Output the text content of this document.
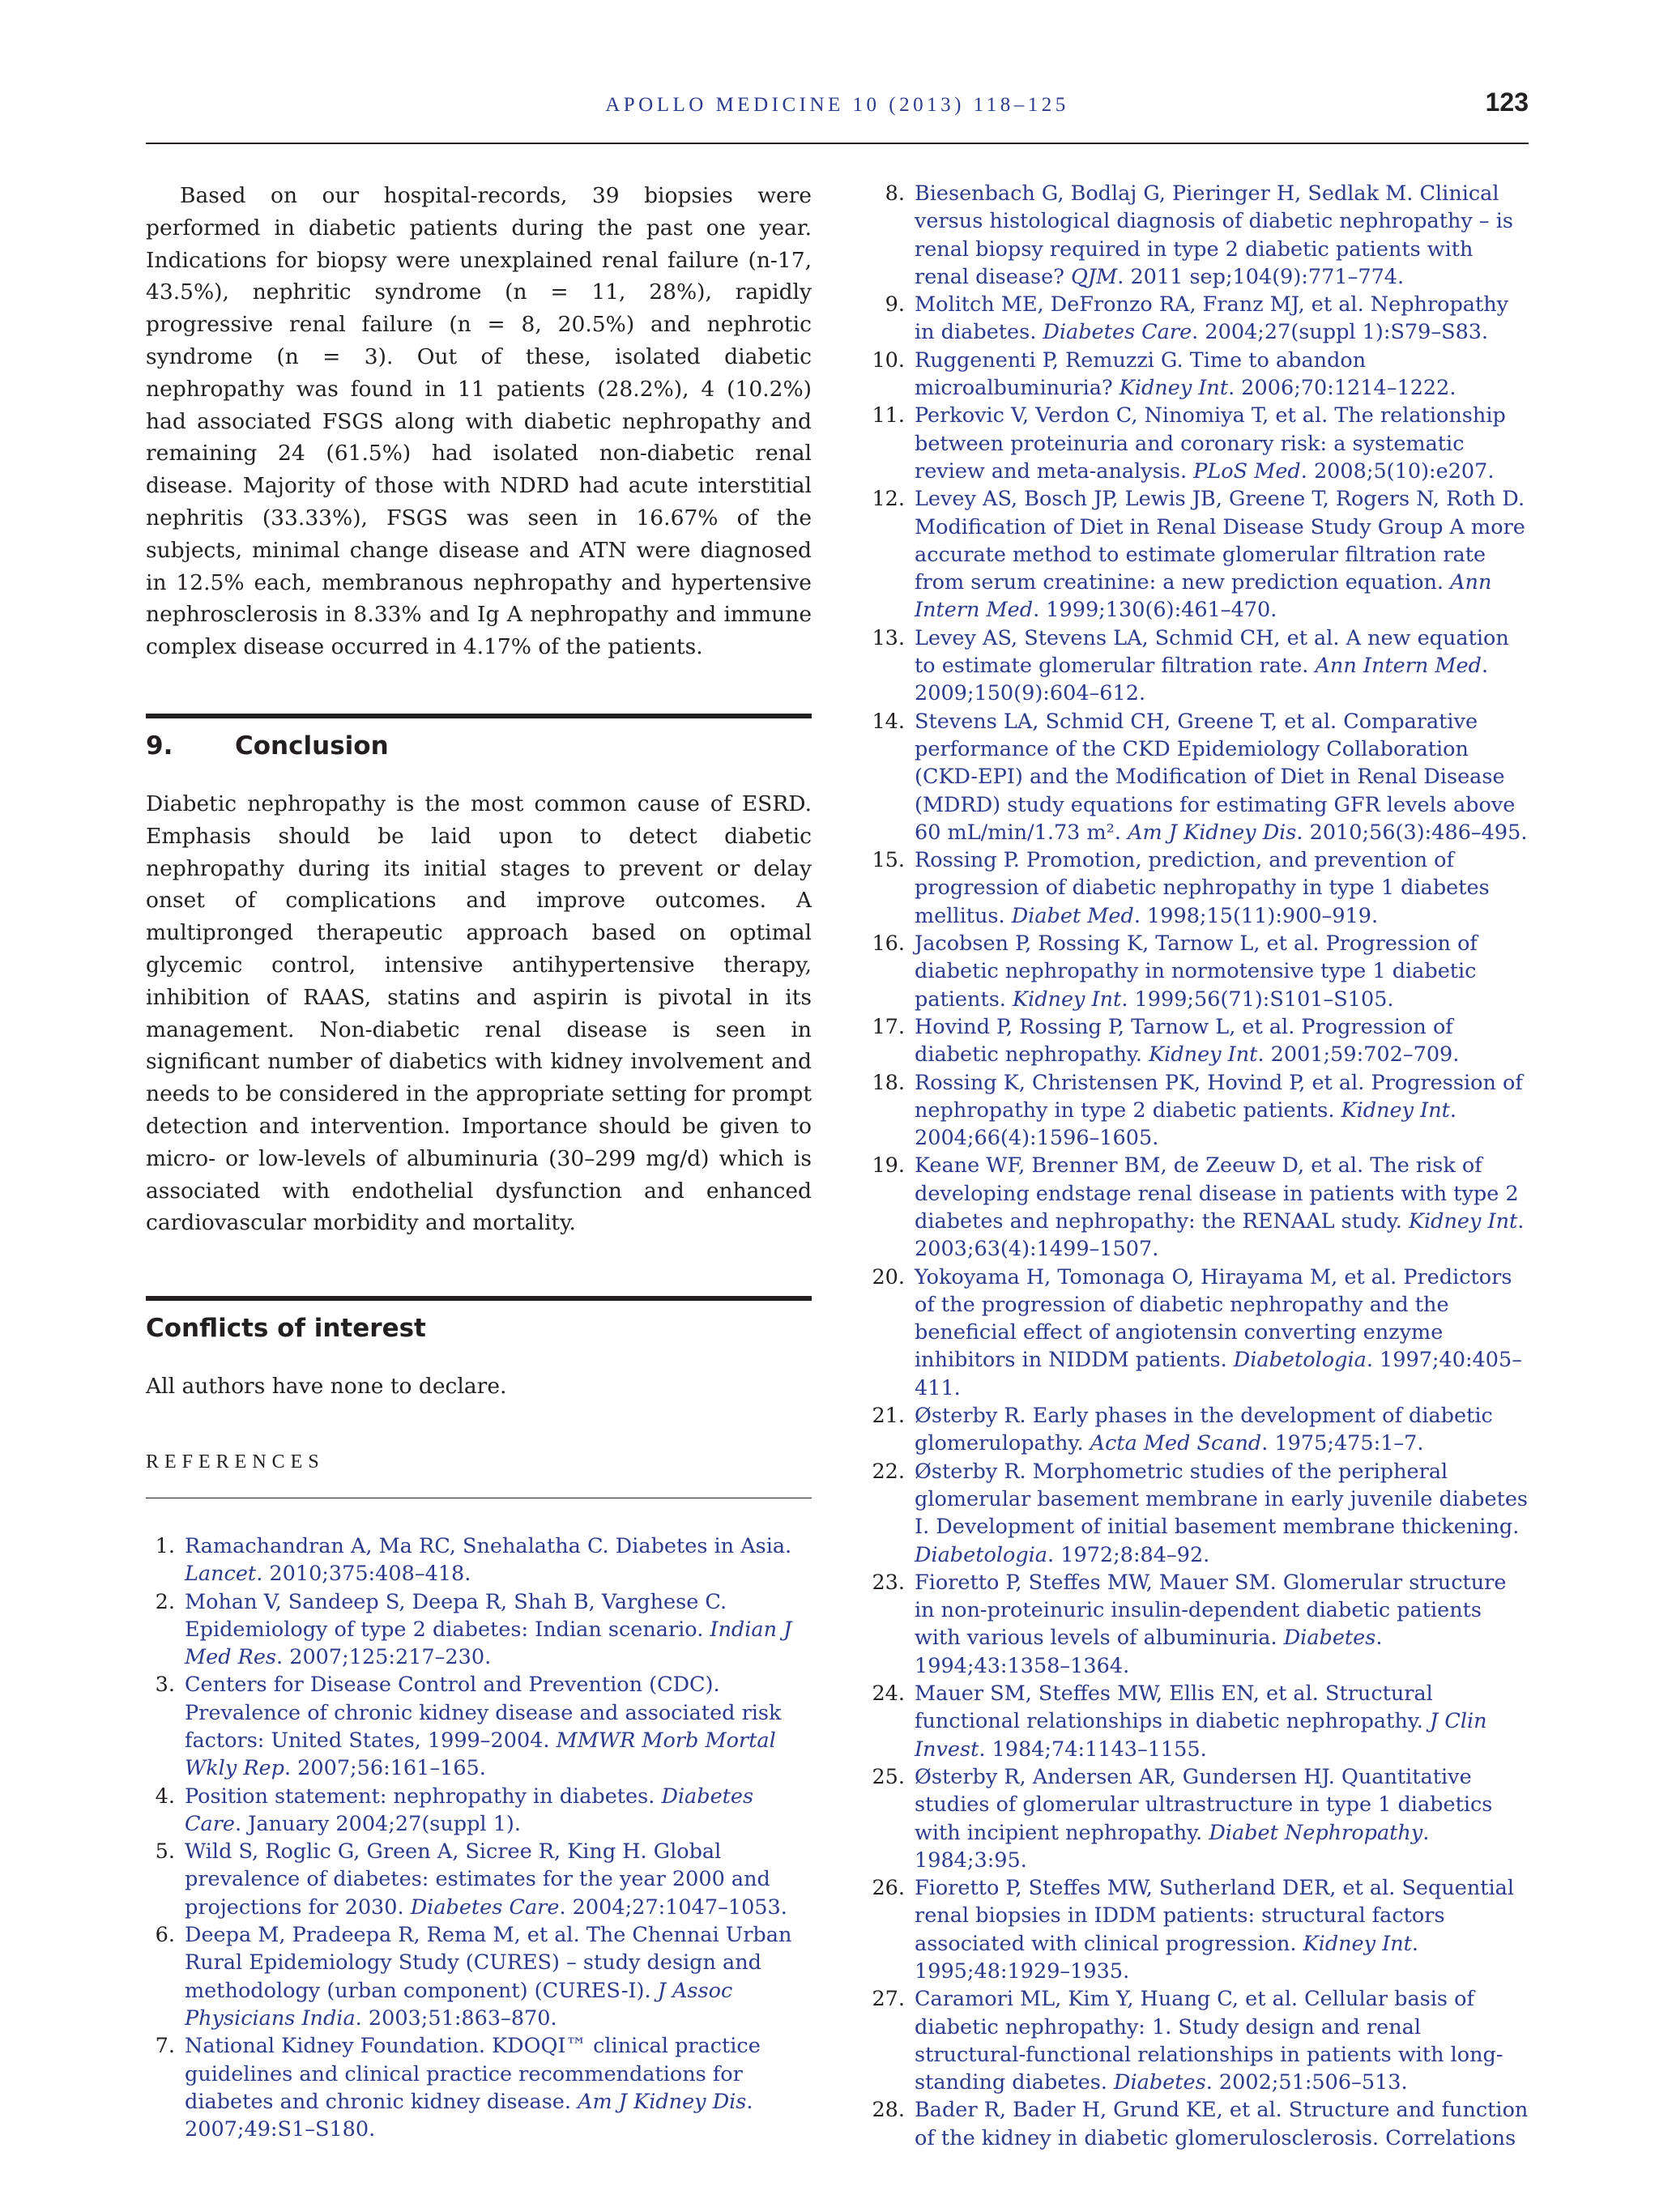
APOLLO MEDICINE 10 (2013) 118–125	123

Based on our hospital-records, 39 biopsies were performed in diabetic patients during the past one year. Indications for biopsy were unexplained renal failure (n-17, 43.5%), nephritic syndrome (n = 11, 28%), rapidly progressive renal failure (n = 8, 20.5%) and nephrotic syndrome (n = 3). Out of these, isolated diabetic nephropathy was found in 11 patients (28.2%), 4 (10.2%) had associated FSGS along with diabetic nephropathy and remaining 24 (61.5%) had isolated non-diabetic renal disease. Majority of those with NDRD had acute interstitial nephritis (33.33%), FSGS was seen in 16.67% of the subjects, minimal change disease and ATN were diagnosed in 12.5% each, membranous nephropathy and hypertensive nephrosclerosis in 8.33% and Ig A nephropathy and immune complex disease occurred in 4.17% of the patients.

9.	Conclusion

Diabetic nephropathy is the most common cause of ESRD. Emphasis should be laid upon to detect diabetic nephropathy during its initial stages to prevent or delay onset of complications and improve outcomes. A multipronged therapeutic approach based on optimal glycemic control, intensive antihypertensive therapy, inhibition of RAAS, statins and aspirin is pivotal in its management. Non-diabetic renal disease is seen in significant number of diabetics with kidney involvement and needs to be considered in the appropriate setting for prompt detection and intervention. Importance should be given to micro- or low-levels of albuminuria (30–299 mg/d) which is associated with endothelial dysfunction and enhanced cardiovascular morbidity and mortality.

Conflicts of interest

All authors have none to declare.

REFERENCES
1. Ramachandran A, Ma RC, Snehalatha C. Diabetes in Asia. Lancet. 2010;375:408–418.
2. Mohan V, Sandeep S, Deepa R, Shah B, Varghese C. Epidemiology of type 2 diabetes: Indian scenario. Indian J Med Res. 2007;125:217–230.
3. Centers for Disease Control and Prevention (CDC). Prevalence of chronic kidney disease and associated risk factors: United States, 1999–2004. MMWR Morb Mortal Wkly Rep. 2007;56:161–165.
4. Position statement: nephropathy in diabetes. Diabetes Care. January 2004;27(suppl 1).
5. Wild S, Roglic G, Green A, Sicree R, King H. Global prevalence of diabetes: estimates for the year 2000 and projections for 2030. Diabetes Care. 2004;27:1047–1053.
6. Deepa M, Pradeepa R, Rema M, et al. The Chennai Urban Rural Epidemiology Study (CURES) – study design and methodology (urban component) (CURES-I). J Assoc Physicians India. 2003;51:863–870.
7. National Kidney Foundation. KDOQI™ clinical practice guidelines and clinical practice recommendations for diabetes and chronic kidney disease. Am J Kidney Dis. 2007;49:S1–S180.
8. Biesenbach G, Bodlaj G, Pieringer H, Sedlak M. Clinical versus histological diagnosis of diabetic nephropathy – is renal biopsy required in type 2 diabetic patients with renal disease? QJM. 2011 sep;104(9):771–774.
9. Molitch ME, DeFronzo RA, Franz MJ, et al. Nephropathy in diabetes. Diabetes Care. 2004;27(suppl 1):S79–S83.
10. Ruggenenti P, Remuzzi G. Time to abandon microalbuminuria? Kidney Int. 2006;70:1214–1222.
11. Perkovic V, Verdon C, Ninomiya T, et al. The relationship between proteinuria and coronary risk: a systematic review and meta-analysis. PLoS Med. 2008;5(10):e207.
12. Levey AS, Bosch JP, Lewis JB, Greene T, Rogers N, Roth D. Modification of Diet in Renal Disease Study Group A more accurate method to estimate glomerular filtration rate from serum creatinine: a new prediction equation. Ann Intern Med. 1999;130(6):461–470.
13. Levey AS, Stevens LA, Schmid CH, et al. A new equation to estimate glomerular filtration rate. Ann Intern Med. 2009;150(9):604–612.
14. Stevens LA, Schmid CH, Greene T, et al. Comparative performance of the CKD Epidemiology Collaboration (CKD-EPI) and the Modification of Diet in Renal Disease (MDRD) study equations for estimating GFR levels above 60 mL/min/1.73 m². Am J Kidney Dis. 2010;56(3):486–495.
15. Rossing P. Promotion, prediction, and prevention of progression of diabetic nephropathy in type 1 diabetes mellitus. Diabet Med. 1998;15(11):900–919.
16. Jacobsen P, Rossing K, Tarnow L, et al. Progression of diabetic nephropathy in normotensive type 1 diabetic patients. Kidney Int. 1999;56(71):S101–S105.
17. Hovind P, Rossing P, Tarnow L, et al. Progression of diabetic nephropathy. Kidney Int. 2001;59:702–709.
18. Rossing K, Christensen PK, Hovind P, et al. Progression of nephropathy in type 2 diabetic patients. Kidney Int. 2004;66(4):1596–1605.
19. Keane WF, Brenner BM, de Zeeuw D, et al. The risk of developing endstage renal disease in patients with type 2 diabetes and nephropathy: the RENAAL study. Kidney Int. 2003;63(4):1499–1507.
20. Yokoyama H, Tomonaga O, Hirayama M, et al. Predictors of the progression of diabetic nephropathy and the beneficial effect of angiotensin converting enzyme inhibitors in NIDDM patients. Diabetologia. 1997;40:405–411.
21. Østerby R. Early phases in the development of diabetic glomerulopathy. Acta Med Scand. 1975;475:1–7.
22. Østerby R. Morphometric studies of the peripheral glomerular basement membrane in early juvenile diabetes I. Development of initial basement membrane thickening. Diabetologia. 1972;8:84–92.
23. Fioretto P, Steffes MW, Mauer SM. Glomerular structure in non-proteinuric insulin-dependent diabetic patients with various levels of albuminuria. Diabetes. 1994;43:1358–1364.
24. Mauer SM, Steffes MW, Ellis EN, et al. Structural functional relationships in diabetic nephropathy. J Clin Invest. 1984;74:1143–1155.
25. Østerby R, Andersen AR, Gundersen HJ. Quantitative studies of glomerular ultrastructure in type 1 diabetics with incipient nephropathy. Diabet Nephropathy. 1984;3:95.
26. Fioretto P, Steffes MW, Sutherland DER, et al. Sequential renal biopsies in IDDM patients: structural factors associated with clinical progression. Kidney Int. 1995;48:1929–1935.
27. Caramori ML, Kim Y, Huang C, et al. Cellular basis of diabetic nephropathy: 1. Study design and renal structural-functional relationships in patients with long-standing diabetes. Diabetes. 2002;51:506–513.
28. Bader R, Bader H, Grund KE, et al. Structure and function of the kidney in diabetic glomerulosclerosis. Correlations
